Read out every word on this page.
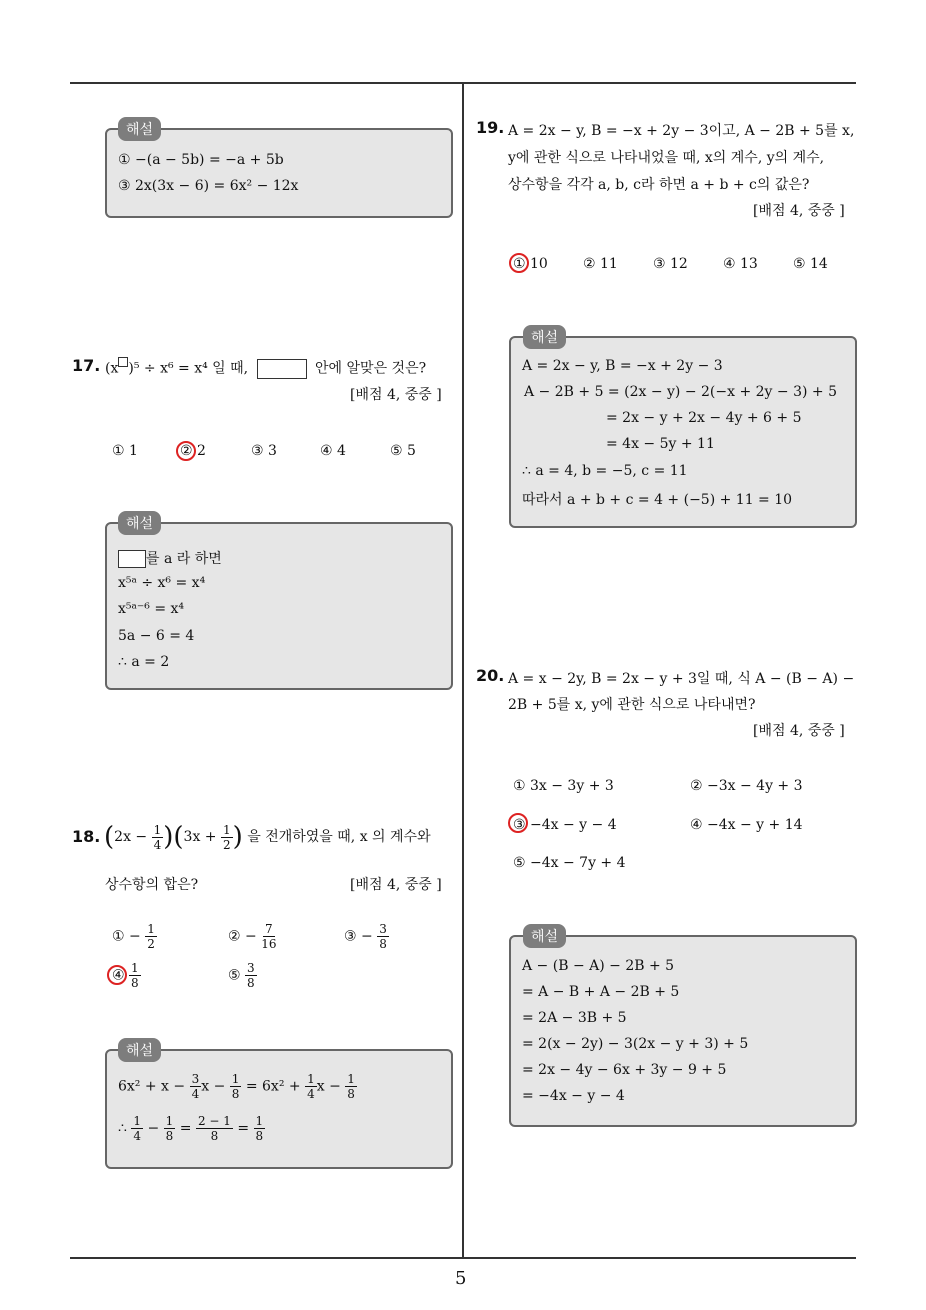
5
해설
① −(a − 5b) = −a + 5b
③ 2x(3x − 6) = 6x² − 12x
17. (x )⁵ ÷ x⁶ = x⁴ 일 때,	안에 알맞은 것은?
[배점 4, 중중 ]
① 1	② 2	③ 3	④ 4	⑤ 5
해설
를 a 라 하면
x⁵ᵃ ÷ x⁶ = x⁴
x⁵ᵃ⁻⁶ = x⁴
5a − 6 = 4
∴ a = 2
18. $(2x - \frac{1}{4} )(3x + \frac{1}{2}$ ) 을 전개하였을 때, x 의 계수와
상수항의 합은?	[배점 4, 중중 ]
① − $\frac{1}{2}$	② − $\frac{7}{16}$	③ − $\frac{3}{8}$
④ $\frac{1}{8}$	⑤ $\frac{3}{8}$
해설
$6x^2 + x - \frac{3}{4}$ $x - \frac{1}{8} = 6x^2 + \frac{1}{4}$ $x - \frac{1}{8}$
∴ $\frac{1}{4} - \frac{1}{8} = \frac{2 - 1}{8} = \frac{1}{8}$
19. A = 2x − y, B = −x + 2y − 3이고, A − 2B + 5를 x,
y에 관한 식으로 나타내었을 때, x의 계수, y의 계수,
상수항을 각각 a, b, c라 하면 a + b + c의 값은?
[배점 4, 중중 ]
① 10	② 11	③ 12	④ 13	⑤ 14
해설
A = 2x − y, B = −x + 2y − 3
A − 2B + 5 = (2x − y) − 2(−x + 2y − 3) + 5
= 2x − y + 2x − 4y + 6 + 5
= 4x − 5y + 11
∴ a = 4, b = −5, c = 11
따라서 a + b + c = 4 + (−5) + 11 = 10
20. A = x − 2y, B = 2x − y + 3일 때, 식 A − (B − A) −
2B + 5를 x, y에 관한 식으로 나타내면?
[배점 4, 중중 ]
① 3x − 3y + 3	② −3x − 4y + 3
③ −4x − y − 4	④ −4x − y + 14
⑤ −4x − 7y + 4
해설
A − (B − A) − 2B + 5
= A − B + A − 2B + 5
= 2A − 3B + 5
= 2(x − 2y) − 3(2x − y + 3) + 5
= 2x − 4y − 6x + 3y − 9 + 5
= −4x − y − 4
